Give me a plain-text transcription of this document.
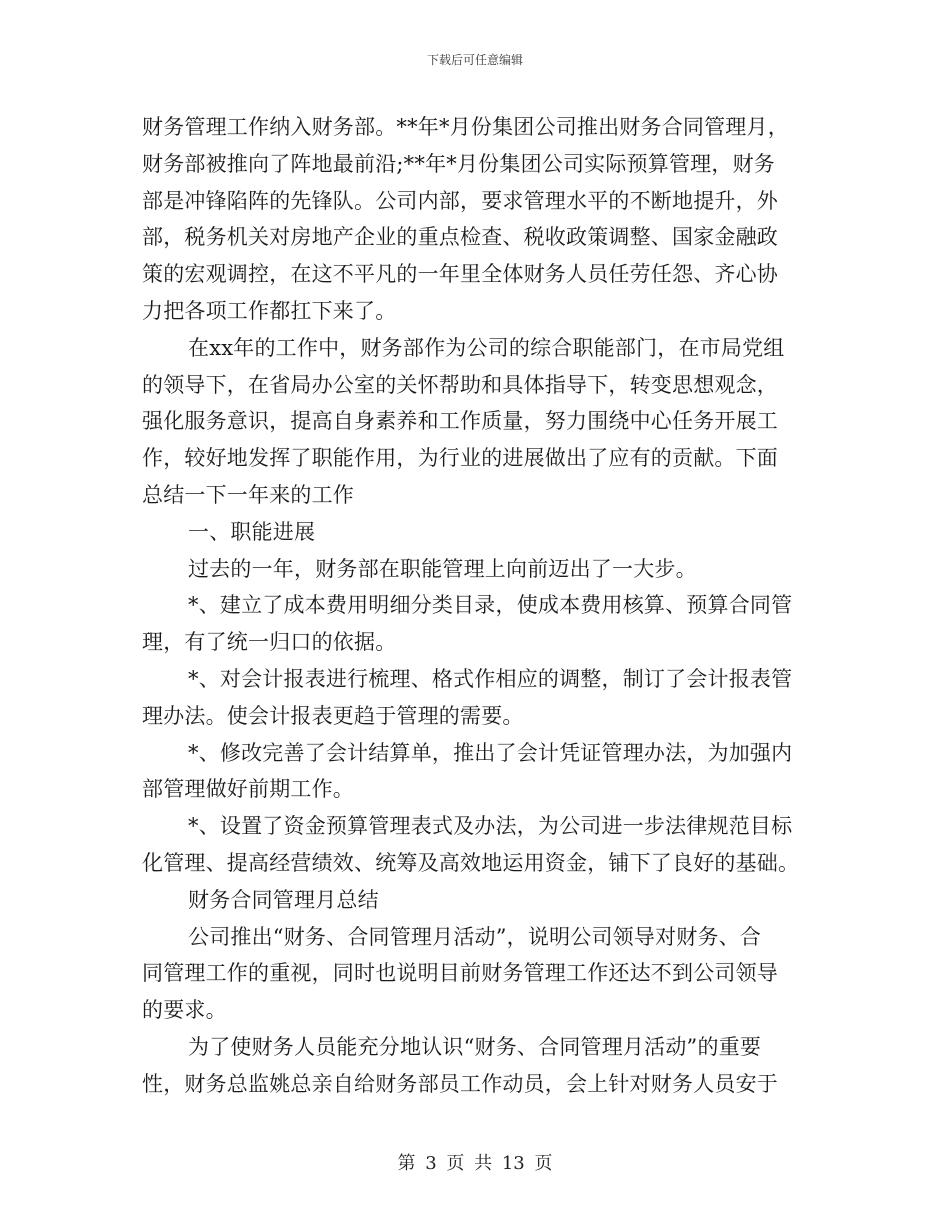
下载后可任意编辑
财务管理工作纳入财务部。**年*月份集团公司推出财务合同管理月，
财务部被推向了阵地最前沿;**年*月份集团公司实际预算管理，财务
部是冲锋陷阵的先锋队。公司内部，要求管理水平的不断地提升，外
部，税务机关对房地产企业的重点检查、税收政策调整、国家金融政
策的宏观调控，在这不平凡的一年里全体财务人员任劳任怨、齐心协
力把各项工作都扛下来了。
在xx年的工作中，财务部作为公司的综合职能部门，在市局党组
的领导下，在省局办公室的关怀帮助和具体指导下，转变思想观念，
强化服务意识，提高自身素养和工作质量，努力围绕中心任务开展工
作，较好地发挥了职能作用，为行业的进展做出了应有的贡献。下面
总结一下一年来的工作
一、职能进展
过去的一年，财务部在职能管理上向前迈出了一大步。
*、建立了成本费用明细分类目录，使成本费用核算、预算合同管
理，有了统一归口的依据。
*、对会计报表进行梳理、格式作相应的调整，制订了会计报表管
理办法。使会计报表更趋于管理的需要。
*、修改完善了会计结算单，推出了会计凭证管理办法，为加强内
部管理做好前期工作。
*、设置了资金预算管理表式及办法，为公司进一步法律规范目标
化管理、提高经营绩效、统筹及高效地运用资金，铺下了良好的基础。
财务合同管理月总结
公司推出“财务、合同管理月活动”，说明公司领导对财务、合
同管理工作的重视，同时也说明目前财务管理工作还达不到公司领导
的要求。
为了使财务人员能充分地认识“财务、合同管理月活动”的重要
性，财务总监姚总亲自给财务部员工作动员，会上针对财务人员安于
第 3 页 共 13 页
